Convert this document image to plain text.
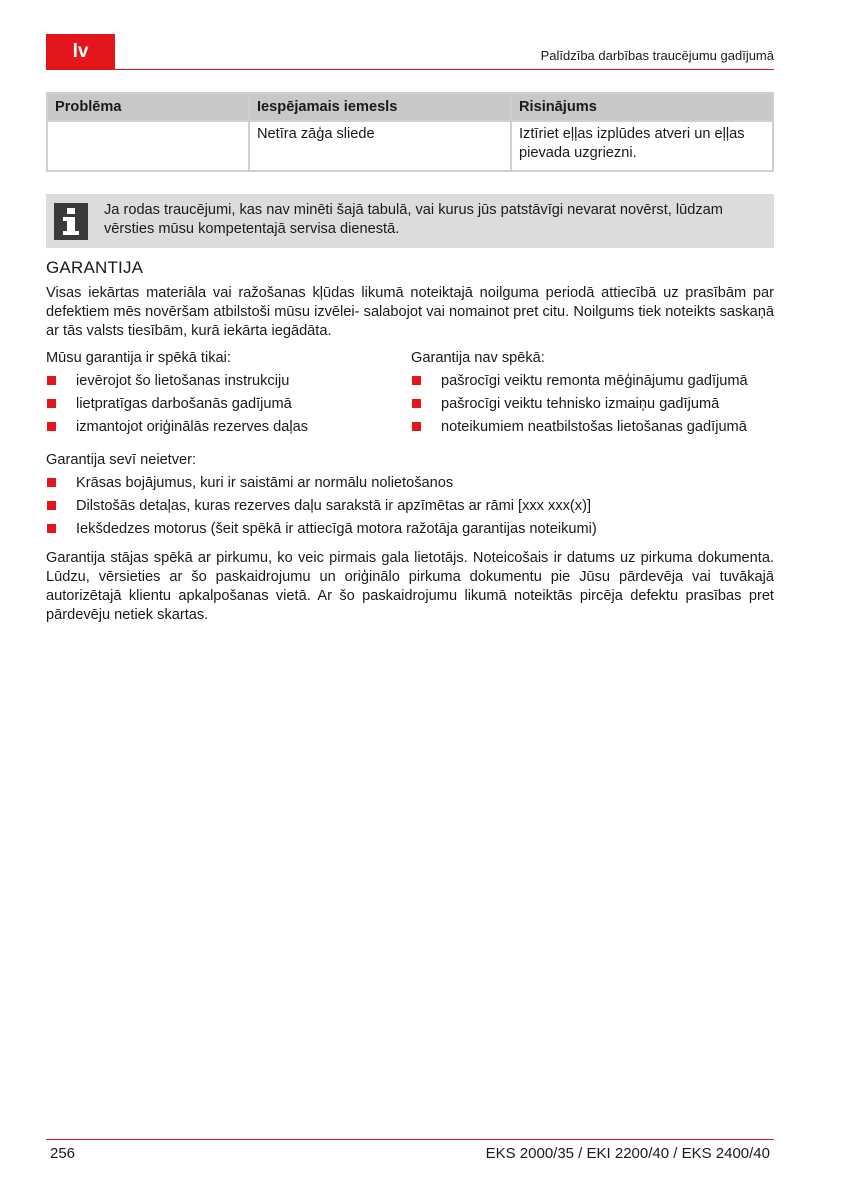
lv	Palīdzība darbības traucējumu gadījumā
Problēma	Iespējamais iemesls	Risinājums
	Netīra zāģa sliede	Iztīriet eļļas izplūdes atveri un eļļas pievada uzgriezni.
Ja rodas traucējumi, kas nav minēti šajā tabulā, vai kurus jūs patstāvīgi nevarat novērst, lūdzam vērsties mūsu kompetentajā servisa dienestā.
GARANTIJA

Visas iekārtas materiāla vai ražošanas kļūdas likumā noteiktajā noilguma periodā attiecībā uz prasībām par defektiem mēs novēršam atbilstoši mūsu izvēlei- salabojot vai nomainot pret citu. Noilgums tiek noteikts saskaņā ar tās valsts tiesībām, kurā iekārta iegādāta.

Mūsu garantija ir spēkā tikai:
ievērojot šo lietošanas instrukciju
lietpratīgas darbošanās gadījumā
izmantojot oriģinālās rezerves daļas
Garantija nav spēkā:
pašrocīgi veiktu remonta mēģinājumu gadījumā
pašrocīgi veiktu tehnisko izmaiņu gadījumā
noteikumiem neatbilstošas lietošanas gadījumā
Garantija sevī neietver:
Krāsas bojājumus, kuri ir saistāmi ar normālu nolietošanos
Dilstošās detaļas, kuras rezerves daļu sarakstā ir apzīmētas ar rāmi [xxx xxx(x)]
Iekšdedzes motorus (šeit spēkā ir attiecīgā motora ražotāja garantijas noteikumi)

Garantija stājas spēkā ar pirkumu, ko veic pirmais gala lietotājs. Noteicošais ir datums uz pirkuma dokumenta. Lūdzu, vērsieties ar šo paskaidrojumu un oriģinālo pirkuma dokumentu pie Jūsu pārdevēja vai tuvākajā autorizētajā klientu apkalpošanas vietā. Ar šo paskaidrojumu likumā noteiktās pircēja defektu prasības pret pārdevēju netiek skartas.

256	EKS 2000/35 / EKI 2200/40 / EKS 2400/40
